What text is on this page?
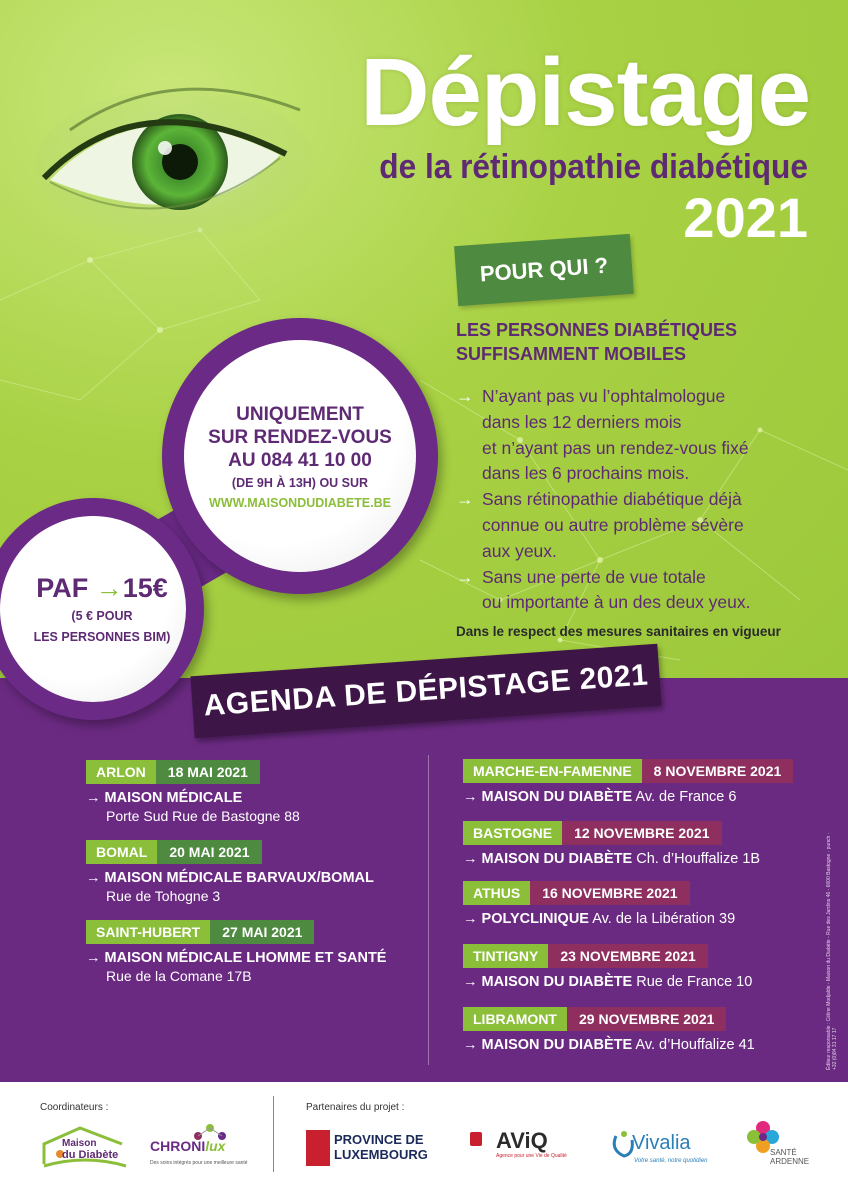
Dépistage
de la rétinopathie diabétique
2021
POUR QUI ?
LES PERSONNES DIABÉTIQUES
SUFFISAMMENT MOBILES
→ N’ayant pas vu l’ophtalmologue
dans les 12 derniers mois
et n’ayant pas un rendez-vous fixé
dans les 6 prochains mois.
→ Sans rétinopathie diabétique déjà
connue ou autre problème sévère
aux yeux.
→ Sans une perte de vue totale
ou importante à un des deux yeux.
Dans le respect des mesures sanitaires en vigueur
UNIQUEMENT
SUR RENDEZ-VOUS
AU 084 41 10 00
(DE 9H À 13H) OU SUR
WWW.MAISONDUDIABETE.BE
PAF →15€
(5 € POUR
LES PERSONNES BIM)
AGENDA DE DÉPISTAGE 2021
ARLON	18 MAI 2021
→ MAISON MÉDICALE
Porte Sud Rue de Bastogne 88
BOMAL	20 MAI 2021
→ MAISON MÉDICALE BARVAUX/BOMAL
Rue de Tohogne 3
SAINT-HUBERT	27 MAI 2021
→ MAISON MÉDICALE LHOMME ET SANTÉ
Rue de la Comane 17B
MARCHE-EN-FAMENNE	8 NOVEMBRE 2021
→ MAISON DU DIABÈTE Av. de France 6
BASTOGNE	12 NOVEMBRE 2021
→ MAISON DU DIABÈTE Ch. d’Houffalize 1B
ATHUS	16 NOVEMBRE 2021
→ POLYCLINIQUE Av. de la Libération 39
TINTIGNY	23 NOVEMBRE 2021
→ MAISON DU DIABÈTE Rue de France 10
LIBRAMONT	29 NOVEMBRE 2021
→ MAISON DU DIABÈTE Av. d’Houffalize 41	Éditeur responsable : Céline Modjalde - Maison du Diabète - Rue des Jardins 46 - 6600 Bastogne · punch · +32 (0)84 31 17 17
Coordinateurs :	Partenaires du projet :
Maison
du Diabète
CHRONIlux
Des soins intégrés pour une meilleure santé
PROVINCE DE
LUXEMBOURG
AViQ
Agence pour une Vie de Qualité
Vivalia
Votre santé, notre quotidien
SANTÉ
ARDENNE
